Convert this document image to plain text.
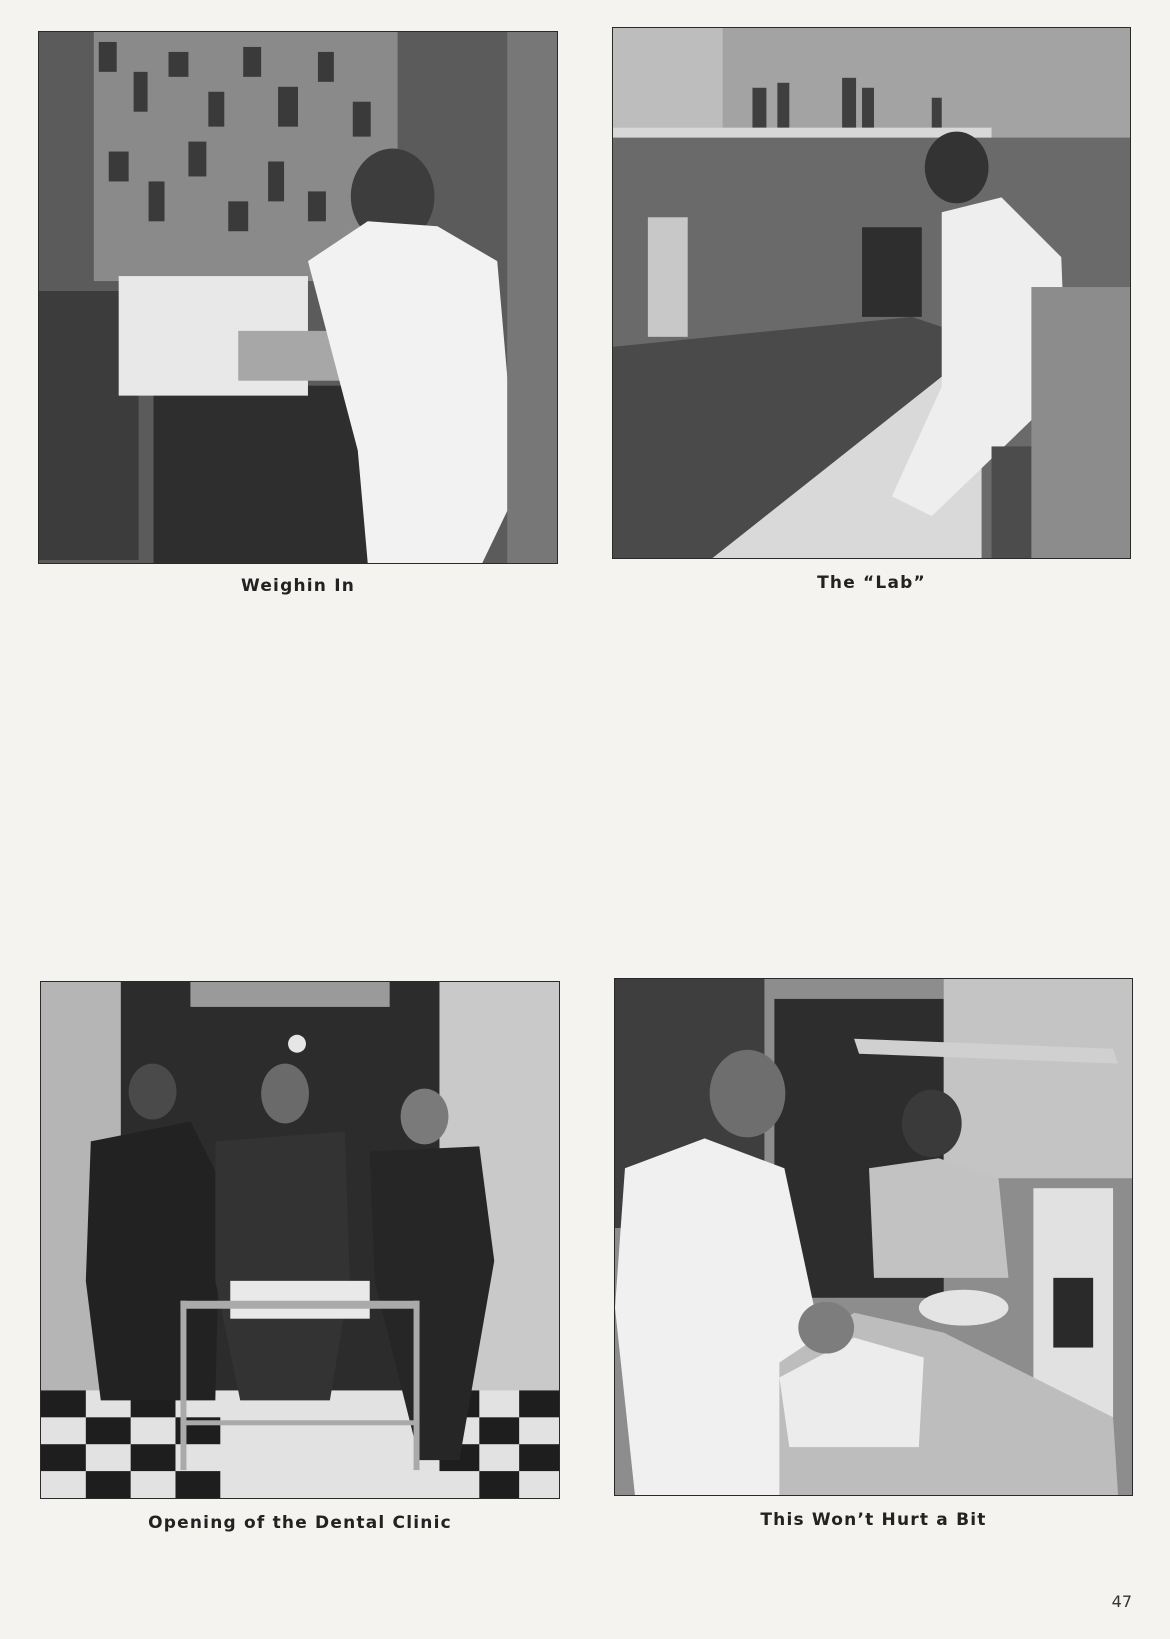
Weighin In	The “Lab”
Opening of the Dental Clinic	This Won’t Hurt a Bit
47
